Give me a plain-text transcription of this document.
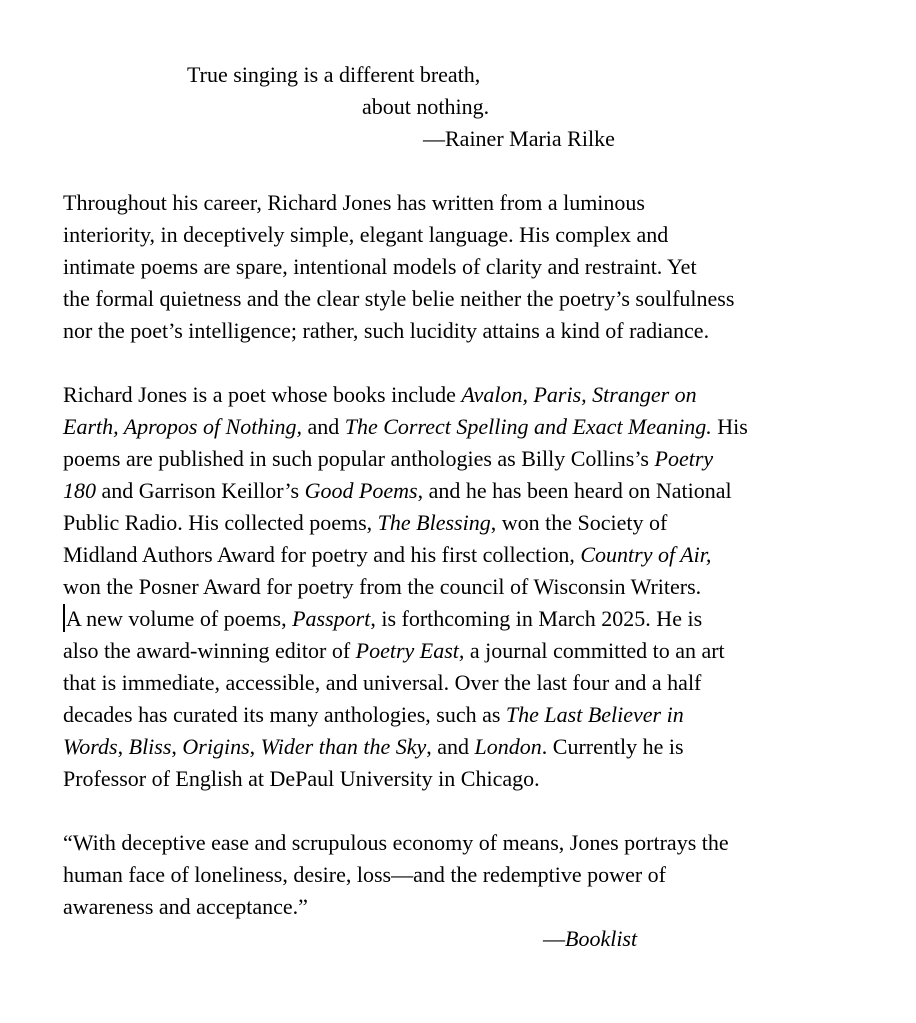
True singing is a different breath,
about nothing.
—Rainer Maria Rilke
Throughout his career, Richard Jones has written from a luminous
interiority, in deceptively simple, elegant language. His complex and
intimate poems are spare, intentional models of clarity and restraint. Yet
the formal quietness and the clear style belie neither the poetry’s soulfulness
nor the poet’s intelligence; rather, such lucidity attains a kind of radiance.
Richard Jones is a poet whose books include Avalon, Paris, Stranger on
Earth, Apropos of Nothing, and The Correct Spelling and Exact Meaning. His
poems are published in such popular anthologies as Billy Collins’s Poetry
180 and Garrison Keillor’s Good Poems, and he has been heard on National
Public Radio. His collected poems, The Blessing, won the Society of
Midland Authors Award for poetry and his first collection, Country of Air,
won the Posner Award for poetry from the council of Wisconsin Writers.
A new volume of poems, Passport, is forthcoming in March 2025. He is
also the award-winning editor of Poetry East, a journal committed to an art
that is immediate, accessible, and universal. Over the last four and a half
decades has curated its many anthologies, such as The Last Believer in
Words, Bliss, Origins, Wider than the Sky, and London. Currently he is
Professor of English at DePaul University in Chicago.
“With deceptive ease and scrupulous economy of means, Jones portrays the
human face of loneliness, desire, loss—and the redemptive power of
awareness and acceptance.”
—Booklist
